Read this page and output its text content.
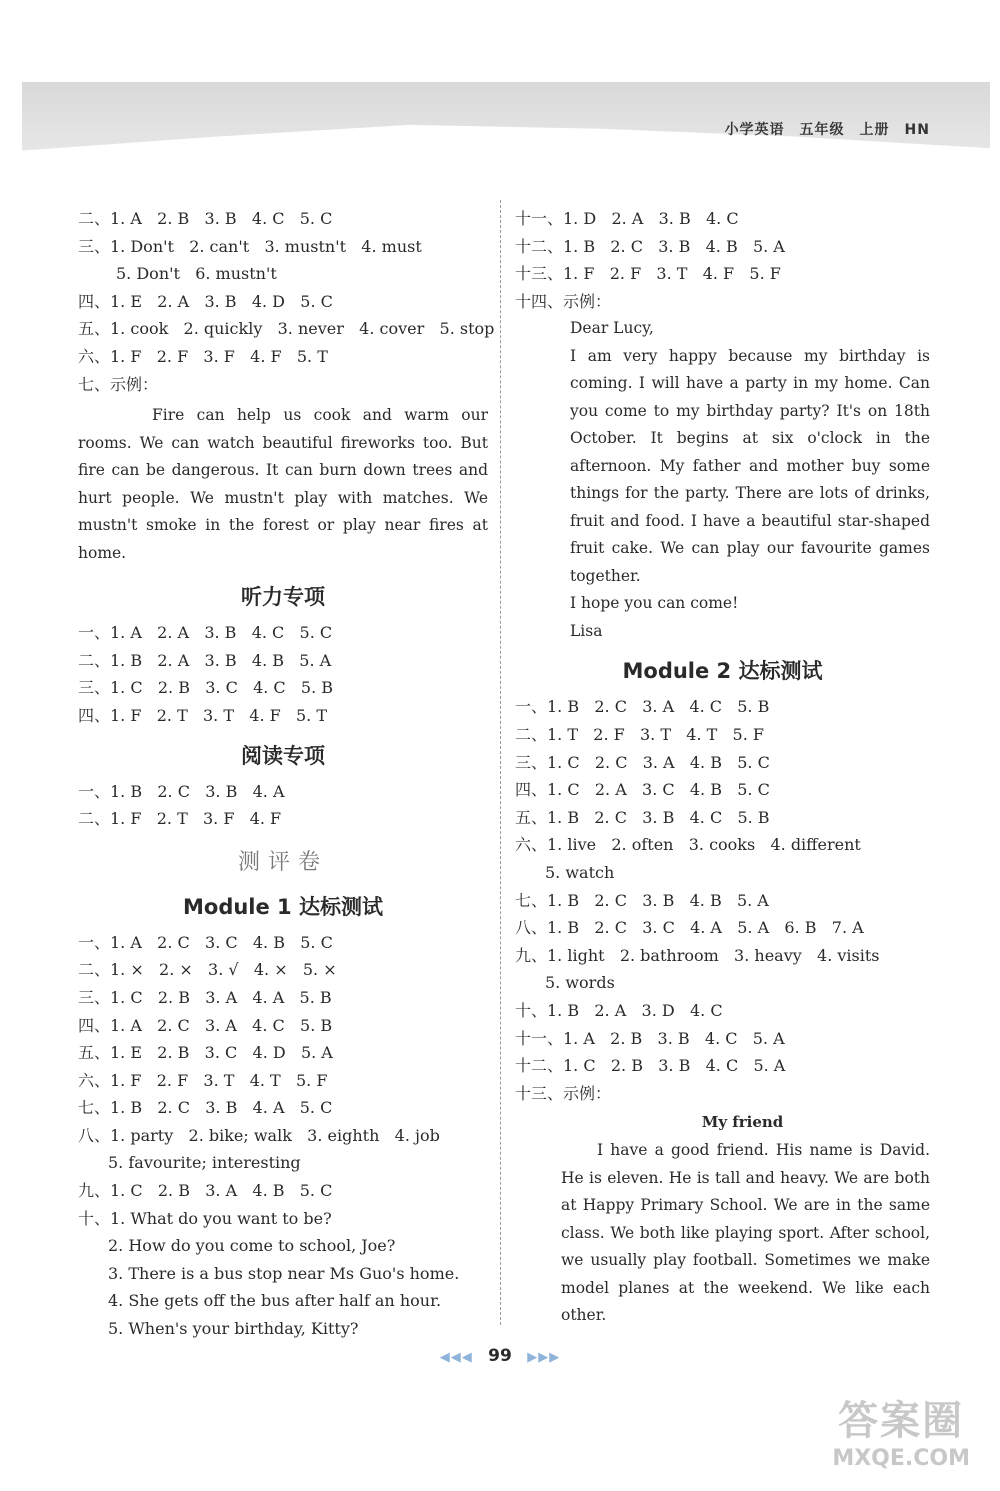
小学英语　五年级　上册　HN
二、1. A   2. B   3. B   4. C   5. C
三、1. Don't   2. can't   3. mustn't   4. must
5. Don't   6. mustn't
四、1. E   2. A   3. B   4. D   5. C
五、1. cook   2. quickly   3. never   4. cover   5. stop
六、1. F   2. F   3. F   4. F   5. T
七、示例：
Fire can help us cook and warm our rooms. We can watch beautiful fireworks too. But fire can be dangerous. It can burn down trees and hurt people. We mustn't play with matches. We mustn't smoke in the forest or play near fires at home.
听力专项
一、1. A   2. A   3. B   4. C   5. C
二、1. B   2. A   3. B   4. B   5. A
三、1. C   2. B   3. C   4. C   5. B
四、1. F   2. T   3. T   4. F   5. T
阅读专项
一、1. B   2. C   3. B   4. A
二、1. F   2. T   3. F   4. F
测评卷
Module 1 达标测试
一、1. A   2. C   3. C   4. B   5. C
二、1. ×   2. ×   3. √   4. ×   5. ×
三、1. C   2. B   3. A   4. A   5. B
四、1. A   2. C   3. A   4. C   5. B
五、1. E   2. B   3. C   4. D   5. A
六、1. F   2. F   3. T   4. T   5. F
七、1. B   2. C   3. B   4. A   5. C
八、1. party   2. bike; walk   3. eighth   4. job
5. favourite; interesting
九、1. C   2. B   3. A   4. B   5. C
十、1. What do you want to be?
2. How do you come to school, Joe?
3. There is a bus stop near Ms Guo's home.
4. She gets off the bus after half an hour.
5. When's your birthday, Kitty?
十一、1. D   2. A   3. B   4. C
十二、1. B   2. C   3. B   4. B   5. A
十三、1. F   2. F   3. T   4. F   5. F
十四、示例：
Dear Lucy,
I am very happy because my birthday is coming. I will have a party in my home. Can you come to my birthday party? It's on 18th October. It begins at six o'clock in the afternoon. My father and mother buy some things for the party. There are lots of drinks, fruit and food. I have a beautiful star-shaped fruit cake. We can play our favourite games together.
I hope you can come!
Lisa
Module 2 达标测试
一、1. B   2. C   3. A   4. C   5. B
二、1. T   2. F   3. T   4. T   5. F
三、1. C   2. C   3. A   4. B   5. C
四、1. C   2. A   3. C   4. B   5. C
五、1. B   2. C   3. B   4. C   5. B
六、1. live   2. often   3. cooks   4. different
5. watch
七、1. B   2. C   3. B   4. B   5. A
八、1. B   2. C   3. C   4. A   5. A   6. B   7. A
九、1. light   2. bathroom   3. heavy   4. visits
5. words
十、1. B   2. A   3. D   4. C
十一、1. A   2. B   3. B   4. C   5. A
十二、1. C   2. B   3. B   4. C   5. A
十三、示例：
My friend
I have a good friend. His name is David. He is eleven. He is tall and heavy. We are both at Happy Primary School. We are in the same class. We both like playing sport. After school, we usually play football. Sometimes we make model planes at the weekend. We like each other.
◀◀◀ 99 ▶▶▶
答案圈
MXQE.COM
